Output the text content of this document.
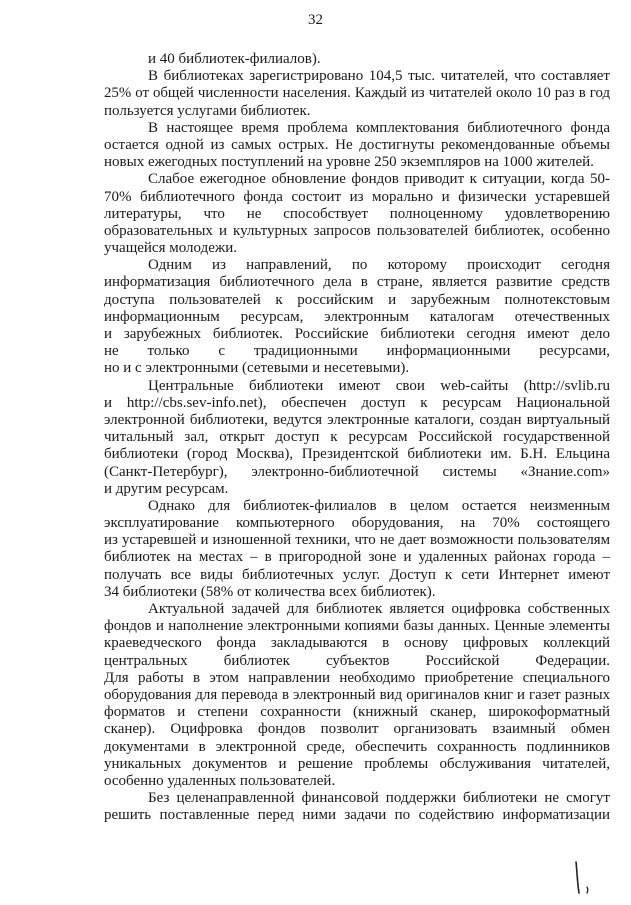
32
и 40 библиотек-филиалов).
В библиотеках зарегистрировано 104,5 тыс. читателей, что составляет
25% от общей численности населения. Каждый из читателей около 10 раз в год
пользуется услугами библиотек.
В настоящее время проблема комплектования библиотечного фонда
остается одной из самых острых. Не достигнуты рекомендованные объемы
новых ежегодных поступлений на уровне 250 экземпляров на 1000 жителей.
Слабое ежегодное обновление фондов приводит к ситуации, когда 50-
70% библиотечного фонда состоит из морально и физически устаревшей
литературы, что не способствует полноценному удовлетворению
образовательных и культурных запросов пользователей библиотек, особенно
учащейся молодежи.
Одним из направлений, по которому происходит сегодня
информатизация библиотечного дела в стране, является развитие средств
доступа пользователей к российским и зарубежным полнотекстовым
информационным ресурсам, электронным каталогам отечественных
и зарубежных библиотек. Российские библиотеки сегодня имеют дело
не только с традиционными информационными ресурсами,
но и с электронными (сетевыми и несетевыми).
Центральные библиотеки имеют свои web-сайты (http://svlib.ru
и http://cbs.sev-info.net), обеспечен доступ к ресурсам Национальной
электронной библиотеки, ведутся электронные каталоги, создан виртуальный
читальный зал, открыт доступ к ресурсам Российской государственной
библиотеки (город Москва), Президентской библиотеки им. Б.Н. Ельцина
(Санкт-Петербург), электронно-библиотечной системы «Знание.com»
и другим ресурсам.
Однако для библиотек-филиалов в целом остается неизменным
эксплуатирование компьютерного оборудования, на 70% состоящего
из устаревшей и изношенной техники, что не дает возможности пользователям
библиотек на местах – в пригородной зоне и удаленных районах города –
получать все виды библиотечных услуг. Доступ к сети Интернет имеют
34 библиотеки (58% от количества всех библиотек).
Актуальной задачей для библиотек является оцифровка собственных
фондов и наполнение электронными копиями базы данных. Ценные элементы
краеведческого фонда закладываются в основу цифровых коллекций
центральных библиотек субъектов Российской Федерации.
Для работы в этом направлении необходимо приобретение специального
оборудования для перевода в электронный вид оригиналов книг и газет разных
форматов и степени сохранности (книжный сканер, широкоформатный
сканер). Оцифровка фондов позволит организовать взаимный обмен
документами в электронной среде, обеспечить сохранность подлинников
уникальных документов и решение проблемы обслуживания читателей,
особенно удаленных пользователей.
Без целенаправленной финансовой поддержки библиотеки не смогут
решить поставленные перед ними задачи по содействию информатизации
